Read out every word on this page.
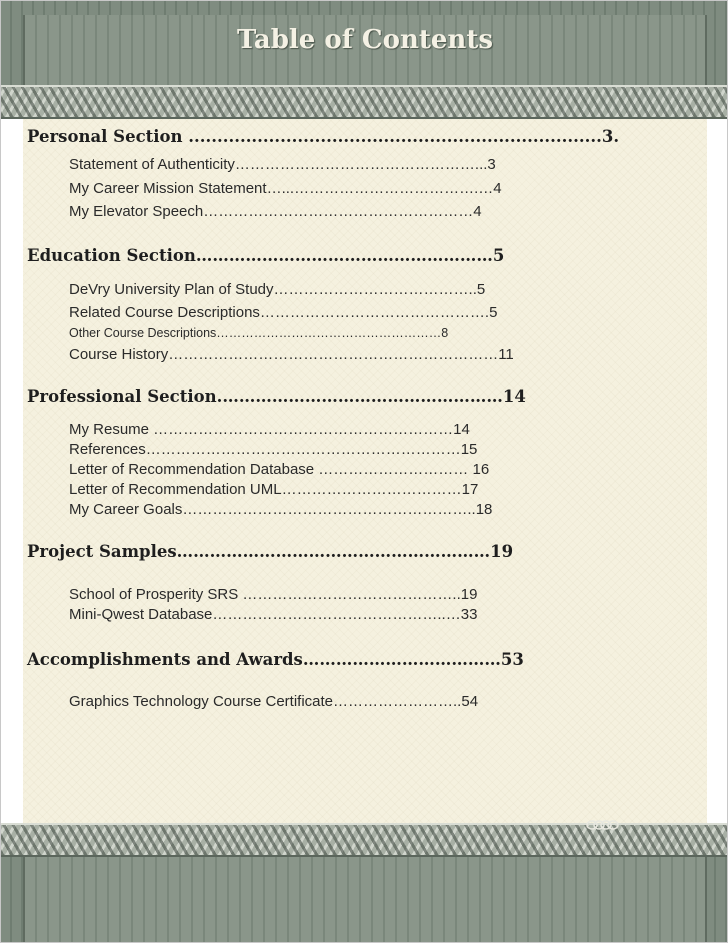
Table of Contents
Personal Section ........................................................................3.
Statement of Authenticity…………………………………………...3
My Career Mission Statement…...……………………………….…4
My Elevator Speech………………………………………………4
Education Section………………………………………………5
DeVry University Plan of Study…………………………………..5
Related Course Descriptions……………………………………….5
Other Course Descriptions………………………………………………8
Course History…………………………………………………………11
Professional Section.……………………………………………14
My Resume ……………………………………………………14
References………………………………………………………15
Letter of Recommendation Database ………………………… 16
Letter of Recommendation UML………………………………17
My Career Goals…………………………………………………..18
Project Samples…………………………………………………19
School of Prosperity SRS ……………………………………..19
Mini-Qwest Database………………………………………..…33
Accomplishments and Awards………………………………53
Graphics Technology Course Certificate……………………..54
